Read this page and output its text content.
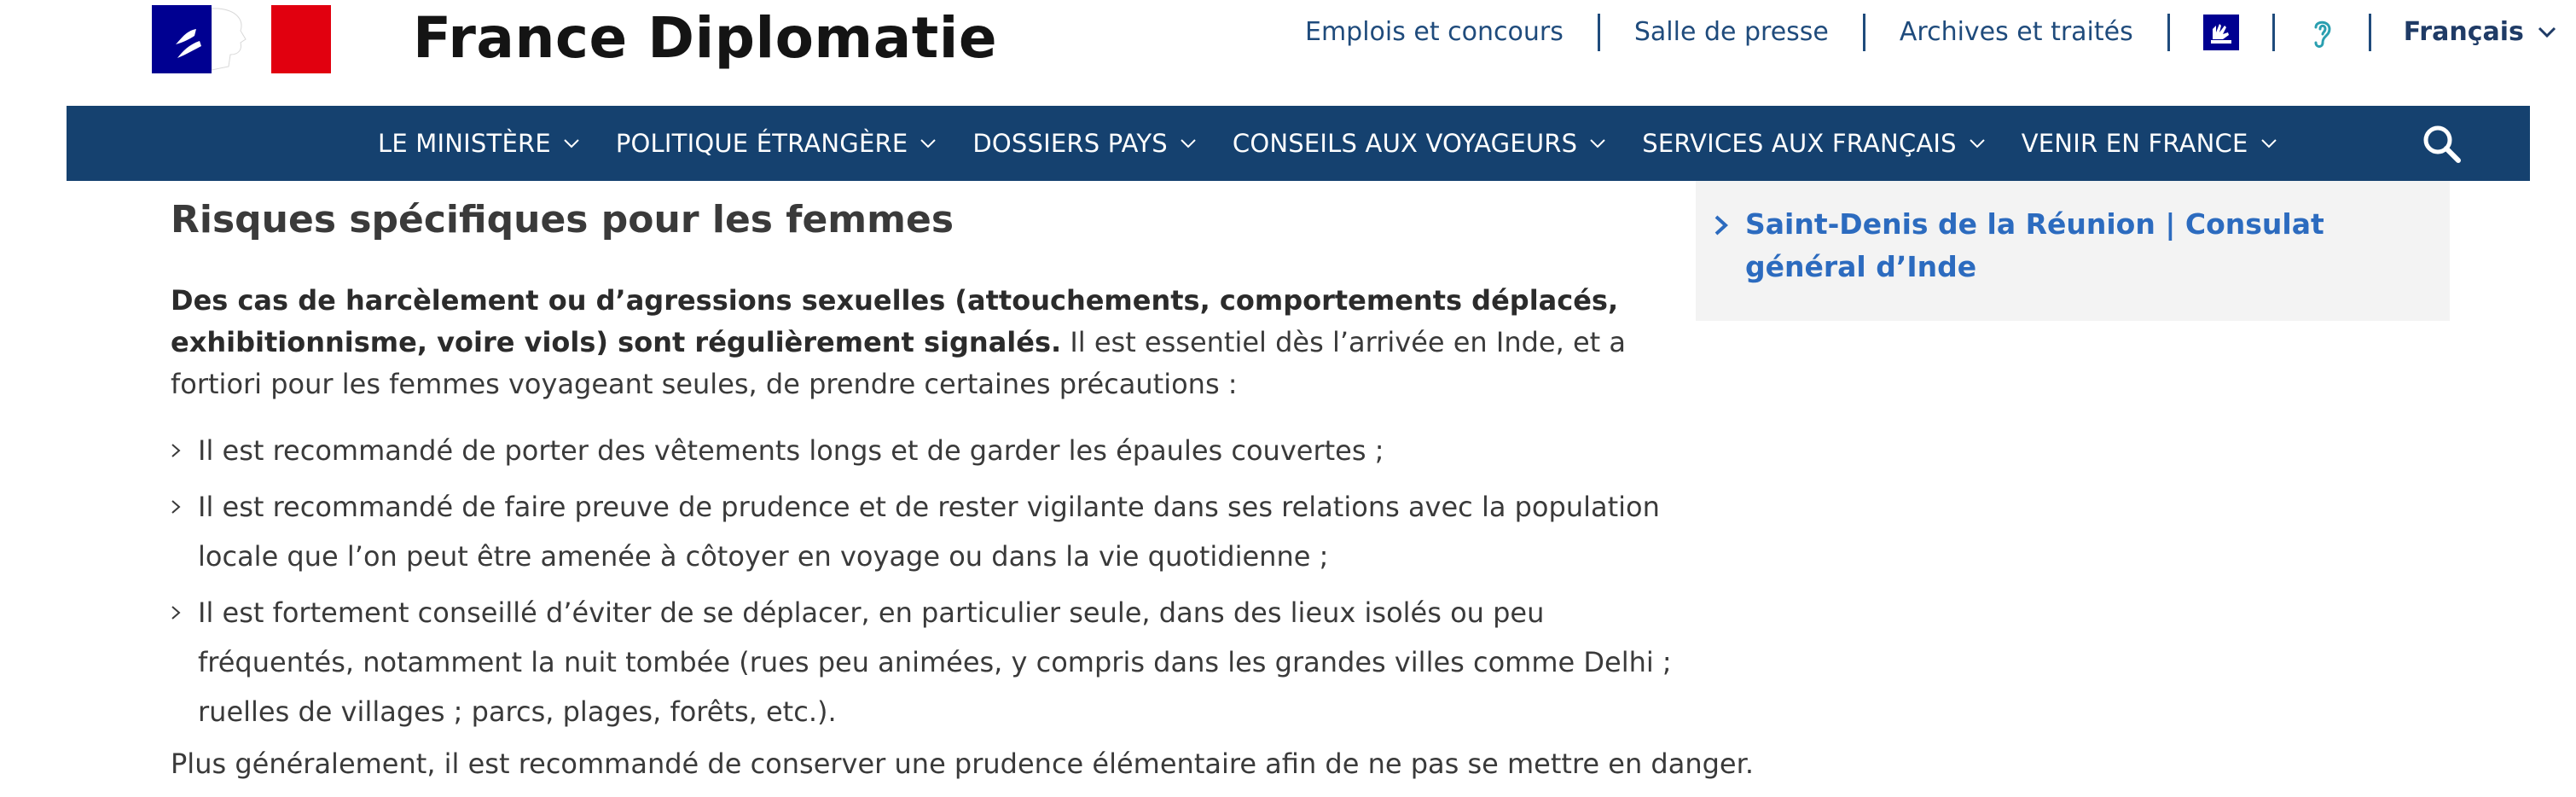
France Diplomatie	Emplois et concours	Salle de presse	Archives et traités	Français
LE MINISTÈRE	POLITIQUE ÉTRANGÈRE	DOSSIERS PAYS	CONSEILS AUX VOYAGEURS	SERVICES AUX FRANÇAIS	VENIR EN FRANCE
Risques spécifiques pour les femmes

Des cas de harcèlement ou d’agressions sexuelles (attouchements, comportements déplacés, exhibitionnisme, voire viols) sont régulièrement signalés. Il est essentiel dès l’arrivée en Inde, et a fortiori pour les femmes voyageant seules, de prendre certaines précautions :

Il est recommandé de porter des vêtements longs et de garder les épaules couvertes ;
Il est recommandé de faire preuve de prudence et de rester vigilante dans ses relations avec la population locale que l’on peut être amenée à côtoyer en voyage ou dans la vie quotidienne ;
Il est fortement conseillé d’éviter de se déplacer, en particulier seule, dans des lieux isolés ou peu fréquentés, notamment la nuit tombée (rues peu animées, y compris dans les grandes villes comme Delhi ; ruelles de villages ; parcs, plages, forêts, etc.).

Plus généralement, il est recommandé de conserver une prudence élémentaire afin de ne pas se mettre en danger.

Saint-Denis de la Réunion | Consulat général d’Inde
